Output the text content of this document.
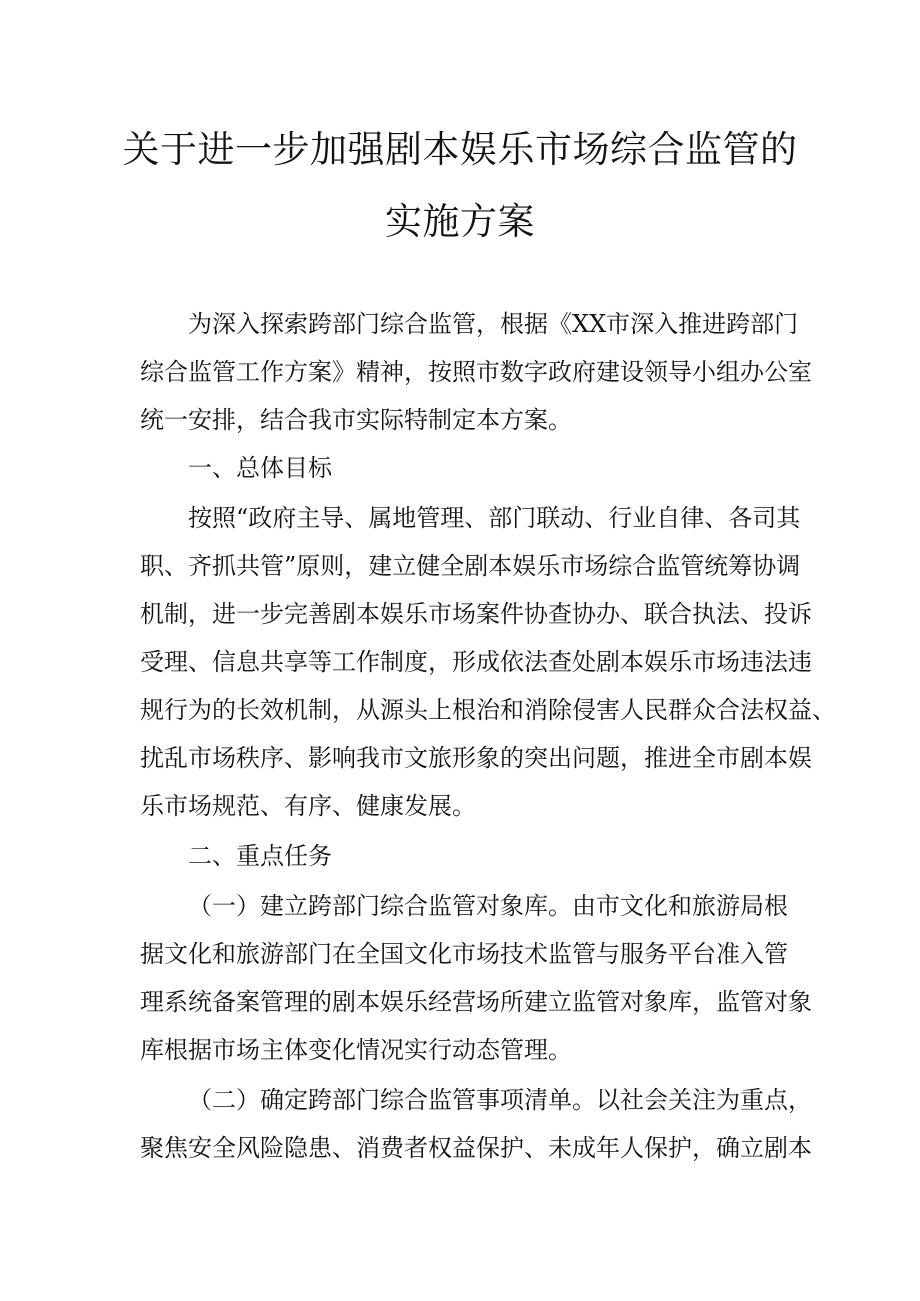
关于进一步加强剧本娱乐市场综合监管的
实施方案
为深入探索跨部门综合监管，根据《XX市深入推进跨部门
综合监管工作方案》精神，按照市数字政府建设领导小组办公室
统一安排，结合我市实际特制定本方案。
一、总体目标
按照“政府主导、属地管理、部门联动、行业自律、各司其
职、齐抓共管”原则，建立健全剧本娱乐市场综合监管统筹协调
机制，进一步完善剧本娱乐市场案件协查协办、联合执法、投诉
受理、信息共享等工作制度，形成依法查处剧本娱乐市场违法违
规行为的长效机制，从源头上根治和消除侵害人民群众合法权益、
扰乱市场秩序、影响我市文旅形象的突出问题，推进全市剧本娱
乐市场规范、有序、健康发展。
二、重点任务
（一）建立跨部门综合监管对象库。由市文化和旅游局根
据文化和旅游部门在全国文化市场技术监管与服务平台准入管
理系统备案管理的剧本娱乐经营场所建立监管对象库，监管对象
库根据市场主体变化情况实行动态管理。
（二）确定跨部门综合监管事项清单。以社会关注为重点，
聚焦安全风险隐患、消费者权益保护、未成年人保护，确立剧本
